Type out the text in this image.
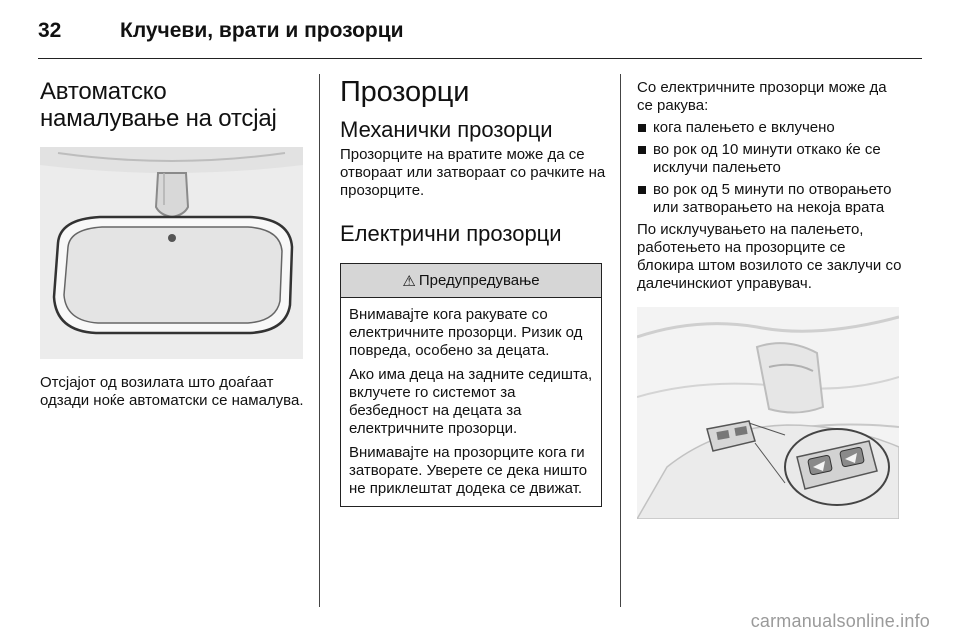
32	Клучеви, врати и прозорци
Автоматско намалување на отсјај

Отсјајот од возилата што доаѓаат одзади ноќе автоматски се намалува.

Прозорци
Механички прозорци

Прозорците на вратите може да се отвораат или затвораат со рачките на прозорците.

Електрични прозорци
⚠ Предупредување

Внимавајте кога ракувате со електричните прозорци. Ризик од повреда, особено за децата.

Ако има деца на задните седишта, вклучете го системот за безбедност на децата за електричните прозорци.

Внимавајте на прозорците кога ги затворате. Уверете се дека ништо не приклештат додека се движат.

Со електричните прозорци може да се ракува:

кога палењето е вклучено
во рок од 10 минути откако ќе се исклучи палењето
во рок од 5 минути по отворањето или затворањето на некоја врата

По исклучувањето на палењето, работењето на прозорците се блокира штом возилото се заклучи со далечинскиот управувач.

carmanualsonline.info
